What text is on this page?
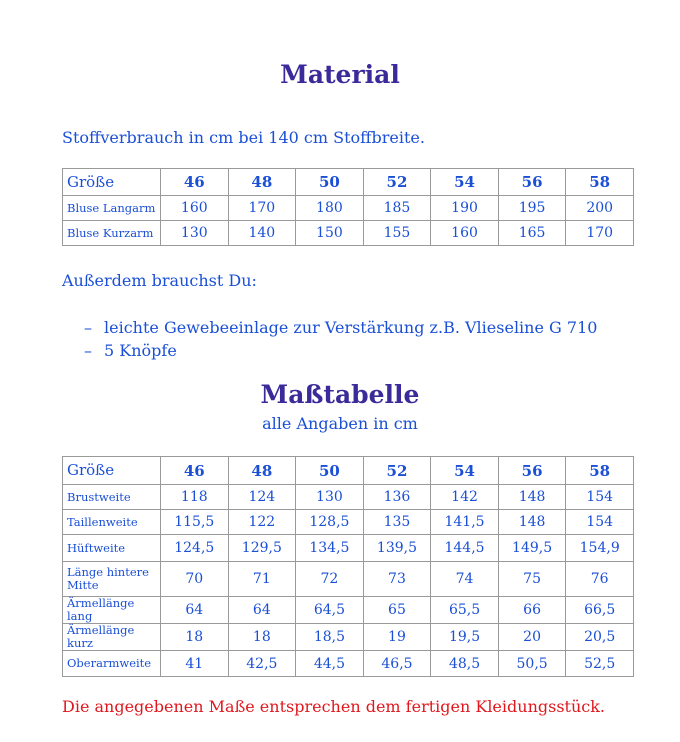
Material
Stoffverbrauch in cm bei 140 cm Stoffbreite.
Größe	46	48	50	52	54	56	58
Bluse Langarm	160	170	180	185	190	195	200
Bluse Kurzarm	130	140	150	155	160	165	170
Außerdem brauchst Du:
– leichte Gewebeeinlage zur Verstärkung z.B. Vlieseline G 710
– 5 Knöpfe
Maßtabelle
alle Angaben in cm
Größe	46	48	50	52	54	56	58
Brustweite	118	124	130	136	142	148	154
Taillenweite	115,5	122	128,5	135	141,5	148	154
Hüftweite	124,5	129,5	134,5	139,5	144,5	149,5	154,9
Länge hintere Mitte	70	71	72	73	74	75	76
Ärmellänge lang	64	64	64,5	65	65,5	66	66,5
Ärmellänge kurz	18	18	18,5	19	19,5	20	20,5
Oberarmweite	41	42,5	44,5	46,5	48,5	50,5	52,5
Die angegebenen Maße entsprechen dem fertigen Kleidungsstück.
